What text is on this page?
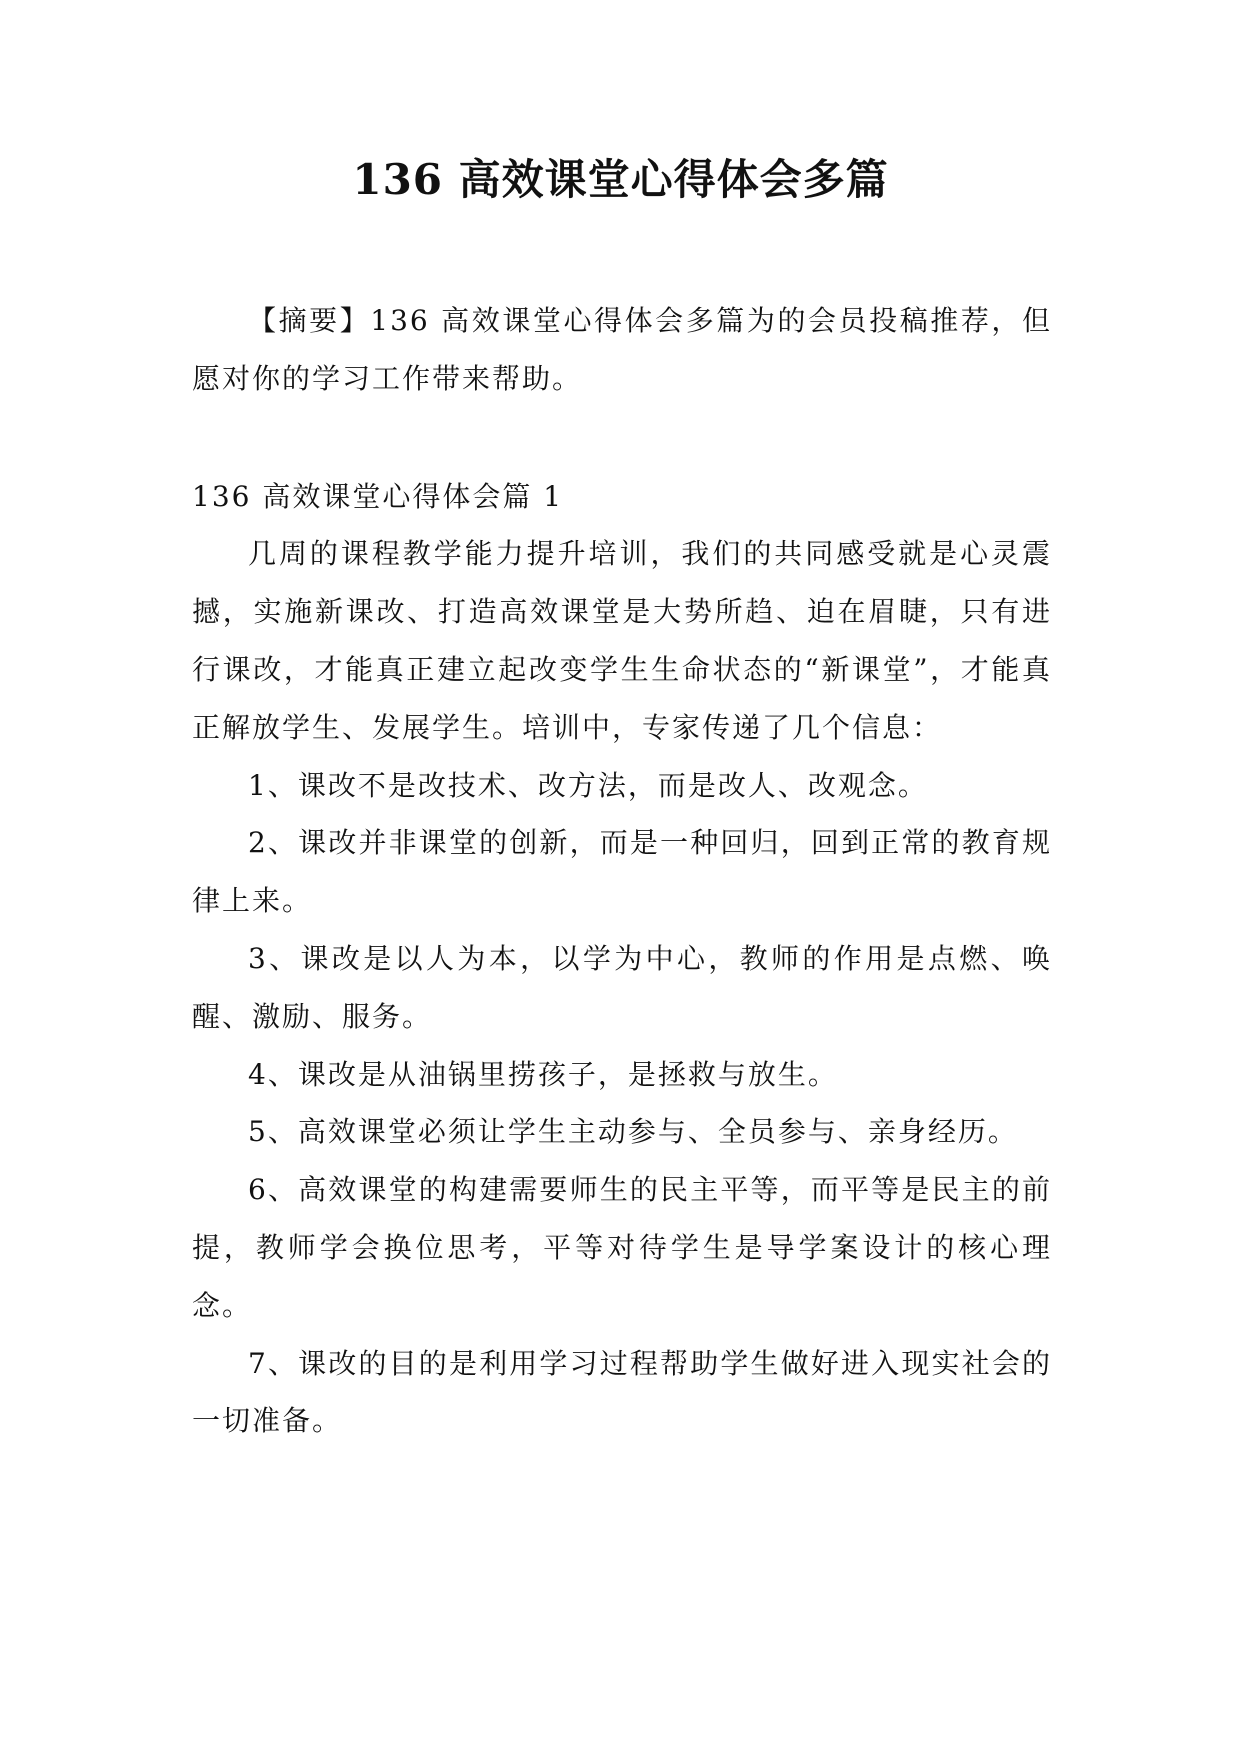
136 高效课堂心得体会多篇

【摘要】136 高效课堂心得体会多篇为的会员投稿推荐，但愿对你的学习工作带来帮助。

136 高效课堂心得体会篇 1

几周的课程教学能力提升培训，我们的共同感受就是心灵震撼，实施新课改、打造高效课堂是大势所趋、迫在眉睫，只有进行课改，才能真正建立起改变学生生命状态的“新课堂”，才能真正解放学生、发展学生。培训中，专家传递了几个信息：

1、课改不是改技术、改方法，而是改人、改观念。

2、课改并非课堂的创新，而是一种回归，回到正常的教育规律上来。

3、课改是以人为本，以学为中心，教师的作用是点燃、唤醒、激励、服务。

4、课改是从油锅里捞孩子，是拯救与放生。

5、高效课堂必须让学生主动参与、全员参与、亲身经历。

6、高效课堂的构建需要师生的民主平等，而平等是民主的前提，教师学会换位思考，平等对待学生是导学案设计的核心理念。

7、课改的目的是利用学习过程帮助学生做好进入现实社会的一切准备。
